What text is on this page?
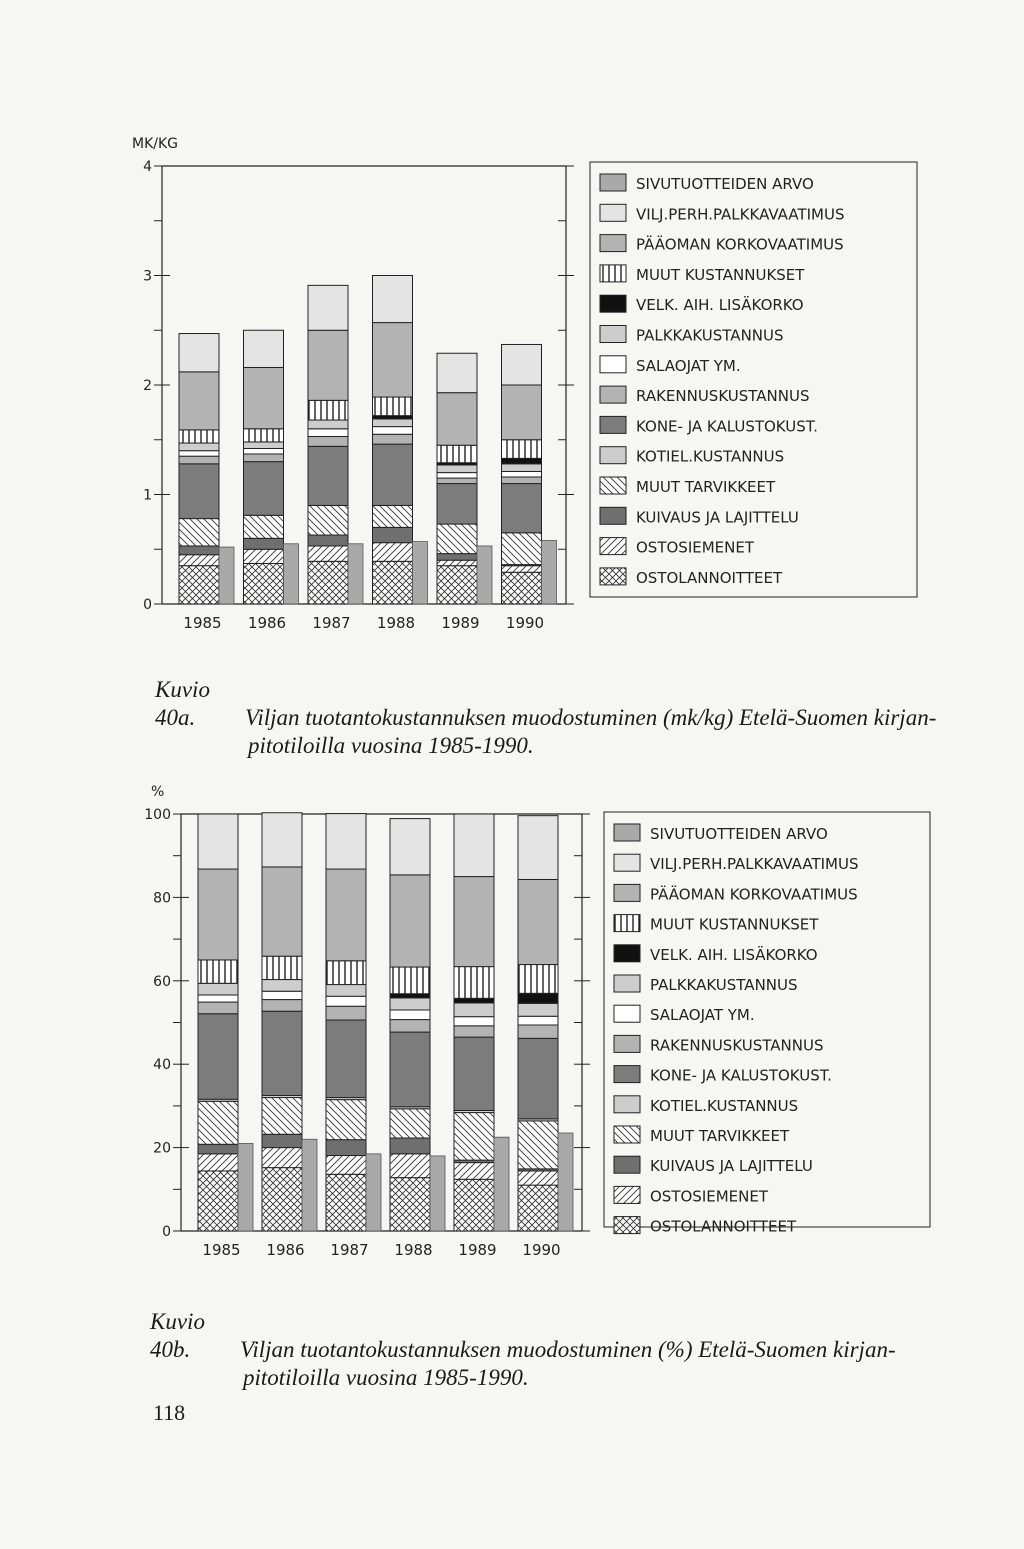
MK/KG
0
1
2
3
4
1985 1986 1987 1988 1989 1990
SIVUTUOTTEIDEN ARVO
VILJ.PERH.PALKKAVAATIMUS
PÄÄOMAN KORKOVAATIMUS
MUUT KUSTANNUKSET
VELK. AIH. LISÄKORKO
PALKKAKUSTANNUS
SALAOJAT YM.
RAKENNUSKUSTANNUS
KONE- JA KALUSTOKUST.
KOTIEL.KUSTANNUS
MUUT TARVIKKEET
KUIVAUS JA LAJITTELU
OSTOSIEMENET
OSTOLANNOITTEET
%
0
20
40
60
80
100
1985 1986 1987 1988 1989 1990
SIVUTUOTTEIDEN ARVO
VILJ.PERH.PALKKAVAATIMUS
PÄÄOMAN KORKOVAATIMUS
MUUT KUSTANNUKSET
VELK. AIH. LISÄKORKO
PALKKAKUSTANNUS
SALAOJAT YM.
RAKENNUSKUSTANNUS
KONE- JA KALUSTOKUST.
KOTIEL.KUSTANNUS
MUUT TARVIKKEET
KUIVAUS JA LAJITTELU
OSTOSIEMENET
OSTOLANNOITTEET
Kuvio 40a. Viljan tuotantokustannuksen muodostuminen (mk/kg) Etelä-Suomen kirjan-
pitotiloilla vuosina 1985-1990.
Kuvio 40b. Viljan tuotantokustannuksen muodostuminen (%) Etelä-Suomen kirjan-
pitotiloilla vuosina 1985-1990.
118
